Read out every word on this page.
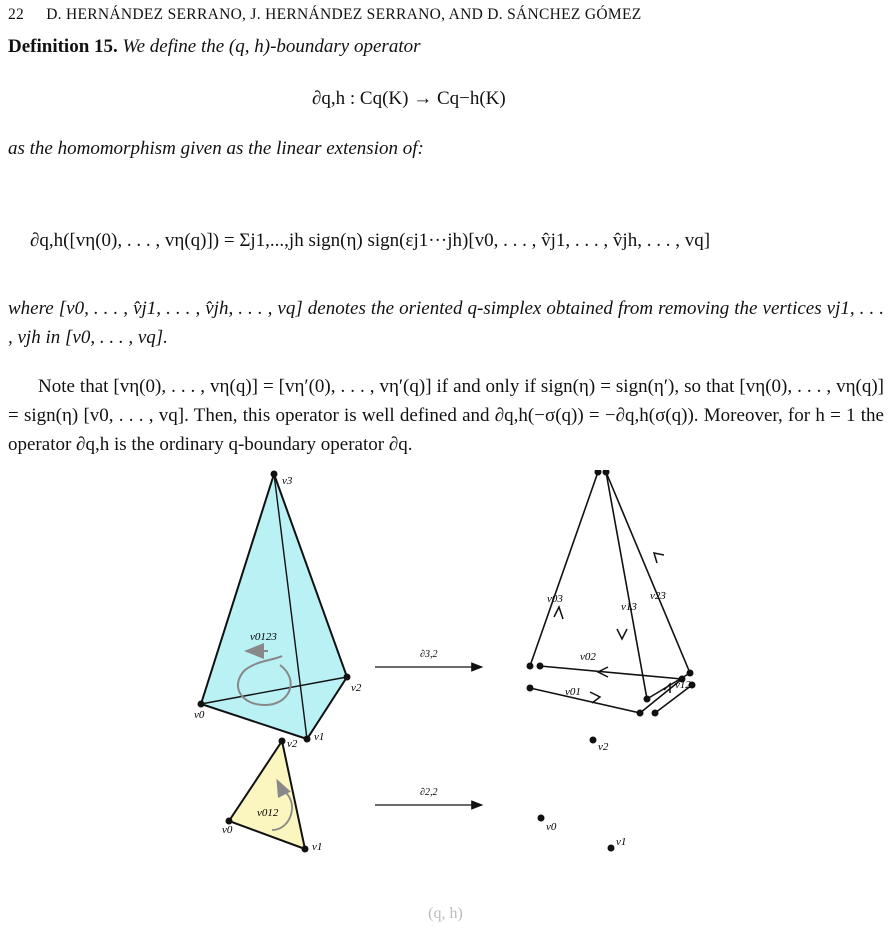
22 D. HERNÁNDEZ SERRANO, J. HERNÁNDEZ SERRANO, AND D. SÁNCHEZ GÓMEZ
Definition 15. We define the (q, h)-boundary operator
∂q,h : Cq(K) → Cq−h(K)
as the homomorphism given as the linear extension of:
∂q,h([vη(0), . . . , vη(q)]) = Σj1,...,jh sign(η) sign(εj1···jh)[v0, . . . , v̂j1, . . . , v̂jh, . . . , vq]
where [v0, . . . , v̂j1, . . . , v̂jh, . . . , vq] denotes the oriented q-simplex obtained from removing the vertices vj1, . . . , vjh in [v0, . . . , vq].
Note that [vη(0), . . . , vη(q)] = [vη′(0), . . . , vη′(q)] if and only if sign(η) = sign(η′), so that [vη(0), . . . , vη(q)] = sign(η) [v0, . . . , vq]. Then, this operator is well defined and ∂q,h(−σ(q)) = −∂q,h(σ(q)). Moreover, for h = 1 the operator ∂q,h is the ordinary q-boundary operator ∂q.
v3
v2
v1
v0
v0123
∂3,2
v03
v13
v23
v02
v01
v12
v2
v1
v0
v012
∂2,2
v2
v0
v1
(q, h)
